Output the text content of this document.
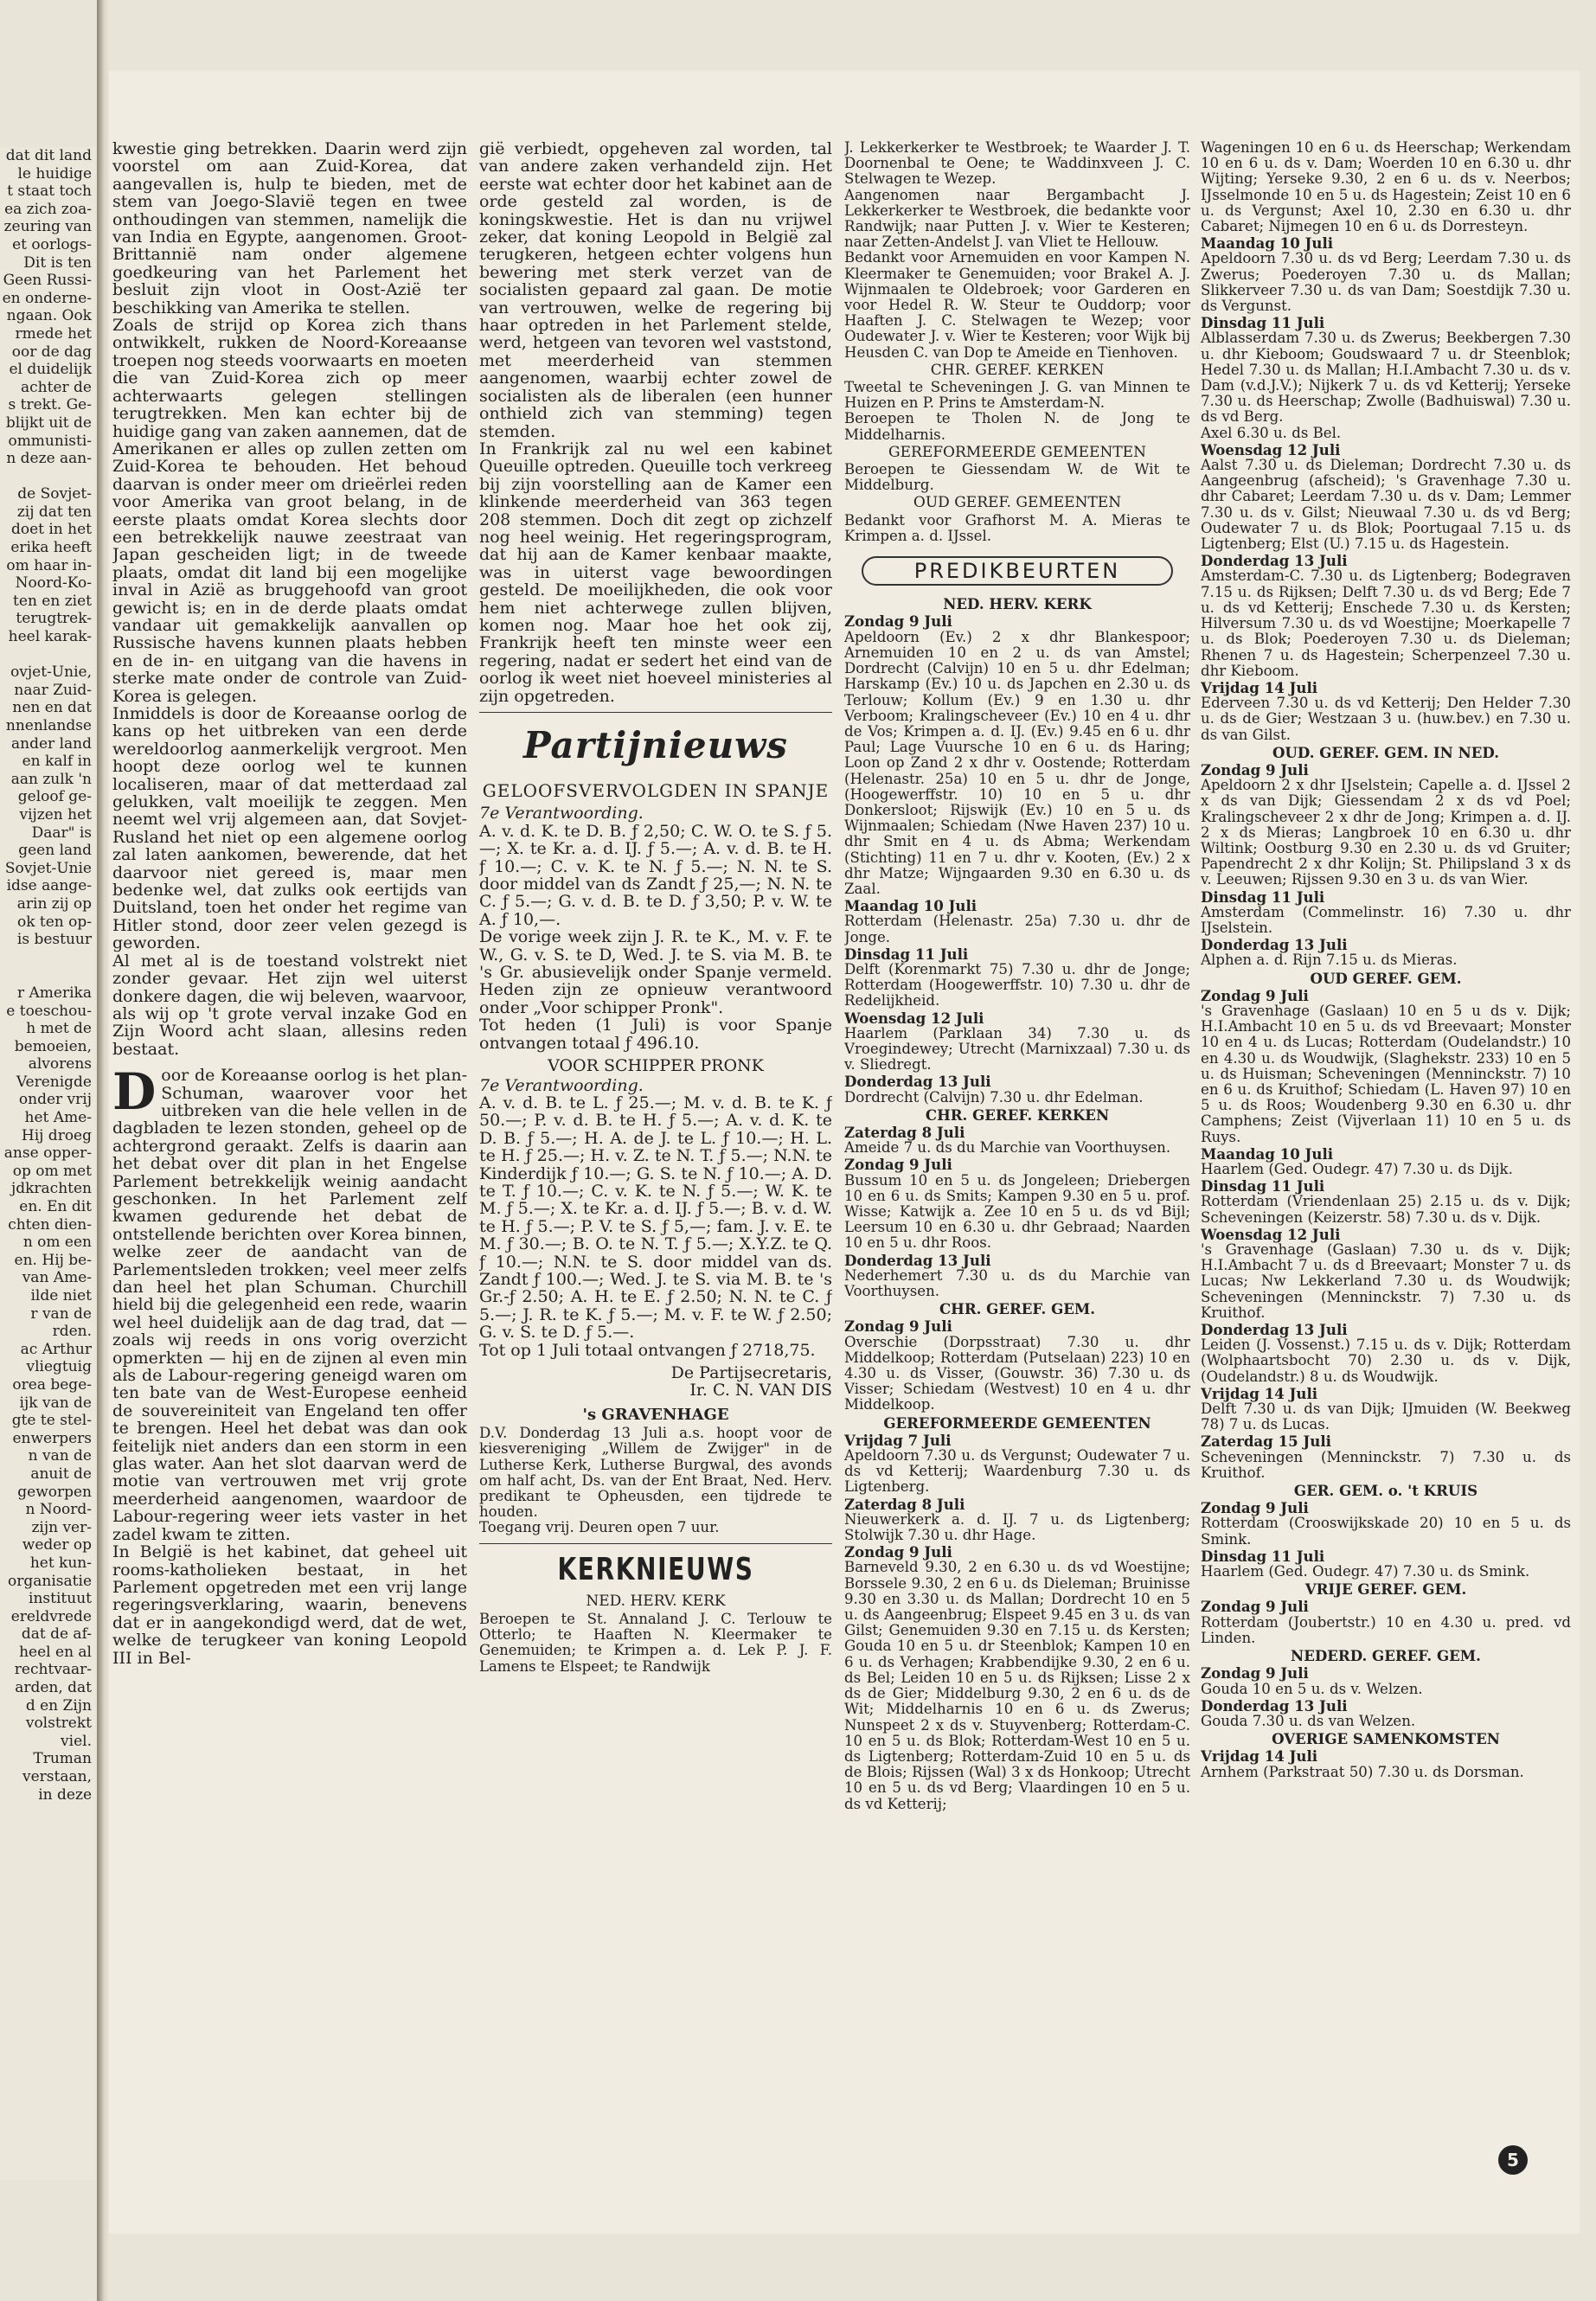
dat dit land

le huidige

t staat toch

ea zich zoa-

zeuring van

et oorlogs-

Dit is ten

Geen Russi-

en onderne-

ngaan. Ook

rmede het

oor de dag

el duidelijk

achter de

s trekt. Ge-

blijkt uit de

ommunisti-

n deze aan-

de Sovjet-

zij dat ten

doet in het

erika heeft

om haar in-

Noord-Ko-

ten en ziet

terugtrek-

heel karak-

ovjet-Unie,

naar Zuid-

nen en dat

nnenlandse

ander land

en kalf in

aan zulk 'n

geloof ge-

vijzen het

Daar" is

geen land

Sovjet-Unie

idse aange-

arin zij op

ok ten op-

is bestuur

r Amerika

e toeschou-

h met de

bemoeien,

alvorens

Verenigde

onder vrij

het Ame-

Hij droeg

anse opper-

op om met

jdkrachten

en. En dit

chten dien-

n om een

en. Hij be-

van Ame-

ilde niet

r van de

rden.

ac Arthur

vliegtuig

orea bege-

ijk van de

gte te stel-

enwerpers

n van de

anuit de

geworpen

n Noord-

zijn ver-

weder op

het kun-

organisatie

instituut

ereldvrede

dat de af-

heel en al

rechtvaar-

arden, dat

d en Zijn

volstrekt

viel.

Truman

verstaan,

in deze

kwestie ging betrekken. Daarin werd zijn voorstel om aan Zuid-Korea, dat aangevallen is, hulp te bieden, met de stem van Joego-Slavië tegen en twee onthoudingen van stemmen, namelijk die van India en Egypte, aangenomen. Groot-Brittannië nam onder algemene goedkeuring van het Parlement het besluit zijn vloot in Oost-Azië ter beschikking van Amerika te stellen.

Zoals de strijd op Korea zich thans ontwikkelt, rukken de Noord-Koreaanse troepen nog steeds voorwaarts en moeten die van Zuid-Korea zich op meer achterwaarts gelegen stellingen terugtrekken. Men kan echter bij de huidige gang van zaken aannemen, dat de Amerikanen er alles op zullen zetten om Zuid-Korea te behouden. Het behoud daarvan is onder meer om drieërlei reden voor Amerika van groot belang, in de eerste plaats omdat Korea slechts door een betrekkelijk nauwe zeestraat van Japan gescheiden ligt; in de tweede plaats, omdat dit land bij een mogelijke inval in Azië as bruggehoofd van groot gewicht is; en in de derde plaats omdat vandaar uit gemakkelijk aanvallen op Russische havens kunnen plaats hebben en de in- en uitgang van die havens in sterke mate onder de controle van Zuid-Korea is gelegen.

Inmiddels is door de Koreaanse oorlog de kans op het uitbreken van een derde wereldoorlog aanmerkelijk vergroot. Men hoopt deze oorlog wel te kunnen localiseren, maar of dat metterdaad zal gelukken, valt moeilijk te zeggen. Men neemt wel vrij algemeen aan, dat Sovjet-Rusland het niet op een algemene oorlog zal laten aankomen, bewerende, dat het daarvoor niet gereed is, maar men bedenke wel, dat zulks ook eertijds van Duitsland, toen het onder het regime van Hitler stond, door zeer velen gezegd is geworden.

Al met al is de toestand volstrekt niet zonder gevaar. Het zijn wel uiterst donkere dagen, die wij beleven, waarvoor, als wij op 't grote verval inzake God en Zijn Woord acht slaan, allesins reden bestaat.

Door de Koreaanse oorlog is het plan-Schuman, waarover voor het uitbreken van die hele vellen in de dagbladen te lezen stonden, geheel op de achtergrond geraakt. Zelfs is daarin aan het debat over dit plan in het Engelse Parlement betrekkelijk weinig aandacht geschonken. In het Parlement zelf kwamen gedurende het debat de ontstellende berichten over Korea binnen, welke zeer de aandacht van de Parlementsleden trokken; veel meer zelfs dan heel het plan Schuman. Churchill hield bij die gelegenheid een rede, waarin wel heel duidelijk aan de dag trad, dat — zoals wij reeds in ons vorig overzicht opmerkten — hij en de zijnen al even min als de Labour-regering geneigd waren om ten bate van de West-Europese eenheid de souvereiniteit van Engeland ten offer te brengen. Heel het debat was dan ook feitelijk niet anders dan een storm in een glas water. Aan het slot daarvan werd de motie van vertrouwen met vrij grote meerderheid aangenomen, waardoor de Labour-regering weer iets vaster in het zadel kwam te zitten.

In België is het kabinet, dat geheel uit rooms-katholieken bestaat, in het Parlement opgetreden met een vrij lange regeringsverklaring, waarin, benevens dat er in aangekondigd werd, dat de wet, welke de terugkeer van koning Leopold III in Bel-

gië verbiedt, opgeheven zal worden, tal van andere zaken verhandeld zijn. Het eerste wat echter door het kabinet aan de orde gesteld zal worden, is de koningskwestie. Het is dan nu vrijwel zeker, dat koning Leopold in België zal terugkeren, hetgeen echter volgens hun bewering met sterk verzet van de socialisten gepaard zal gaan. De motie van vertrouwen, welke de regering bij haar optreden in het Parlement stelde, werd, hetgeen van tevoren wel vaststond, met meerderheid van stemmen aangenomen, waarbij echter zowel de socialisten als de liberalen (een hunner onthield zich van stemming) tegen stemden.

In Frankrijk zal nu wel een kabinet Queuille optreden. Queuille toch verkreeg bij zijn voorstelling aan de Kamer een klinkende meerderheid van 363 tegen 208 stemmen. Doch dit zegt op zichzelf nog heel weinig. Het regeringsprogram, dat hij aan de Kamer kenbaar maakte, was in uiterst vage bewoordingen gesteld. De moeilijkheden, die ook voor hem niet achterwege zullen blijven, komen nog. Maar hoe het ook zij, Frankrijk heeft ten minste weer een regering, nadat er sedert het eind van de oorlog ik weet niet hoeveel ministeries al zijn opgetreden.

Partijnieuws
GELOOFSVERVOLGDEN IN SPANJE

7e Verantwoording.

A. v. d. K. te D. B. ƒ 2,50; C. W. O. te S. ƒ 5.—; X. te Kr. a. d. IJ. ƒ 5.—; A. v. d. B. te H. ƒ 10.—; C. v. K. te N. ƒ 5.—; N. N. te S. door middel van ds Zandt ƒ 25,—; N. N. te C. ƒ 5.—; G. v. d. B. te D. ƒ 3,50; P. v. W. te A. ƒ 10,—.

De vorige week zijn J. R. te K., M. v. F. te W., G. v. S. te D, Wed. J. te S. via M. B. te 's Gr. abusievelijk onder Spanje vermeld. Heden zijn ze opnieuw verantwoord onder „Voor schipper Pronk".

Tot heden (1 Juli) is voor Spanje ontvangen totaal ƒ 496.10.

VOOR SCHIPPER PRONK

7e Verantwoording.

A. v. d. B. te L. ƒ 25.—; M. v. d. B. te K. ƒ 50.—; P. v. d. B. te H. ƒ 5.—; A. v. d. K. te D. B. ƒ 5.—; H. A. de J. te L. ƒ 10.—; H. L. te H. ƒ 25.—; H. v. Z. te N. T. ƒ 5.—; N.N. te Kinderdijk ƒ 10.—; G. S. te N. ƒ 10.—; A. D. te T. ƒ 10.—; C. v. K. te N. ƒ 5.—; W. K. te M. ƒ 5.—; X. te Kr. a. d. IJ. ƒ 5.—; B. v. d. W. te H. ƒ 5.—; P. V. te S. ƒ 5,—; fam. J. v. E. te M. ƒ 30.—; B. O. te N. T. ƒ 5.—; X.Y.Z. te Q. ƒ 10.—; N.N. te S. door middel van ds. Zandt ƒ 100.—; Wed. J. te S. via M. B. te 's Gr.-ƒ 2.50; A. H. te E. ƒ 2.50; N. N. te C. ƒ 5.—; J. R. te K. ƒ 5.—; M. v. F. te W. ƒ 2.50; G. v. S. te D. ƒ 5.—.

Tot op 1 Juli totaal ontvangen ƒ 2718,75.

De Partijsecretaris,

Ir. C. N. VAN DIS

's GRAVENHAGE

D.V. Donderdag 13 Juli a.s. hoopt voor de kiesvereniging „Willem de Zwijger" in de Lutherse Kerk, Lutherse Burgwal, des avonds om half acht, Ds. van der Ent Braat, Ned. Herv. predikant te Opheusden, een tijdrede te houden.

Toegang vrij. Deuren open 7 uur.

KERKNIEUWS
NED. HERV. KERK

Beroepen te St. Annaland J. C. Terlouw te Otterlo; te Haaften N. Kleermaker te Genemuiden; te Krimpen a. d. Lek P. J. F. Lamens te Elspeet; te Randwijk

J. Lekkerkerker te Westbroek; te Waarder J. T. Doornenbal te Oene; te Waddinxveen J. C. Stelwagen te Wezep.

Aangenomen naar Bergambacht J. Lekkerkerker te Westbroek, die bedankte voor Randwijk; naar Putten J. v. Wier te Kesteren; naar Zetten-Andelst J. van Vliet te Hellouw.

Bedankt voor Arnemuiden en voor Kampen N. Kleermaker te Genemuiden; voor Brakel A. J. Wijnmaalen te Oldebroek; voor Garderen en voor Hedel R. W. Steur te Ouddorp; voor Haaften J. C. Stelwagen te Wezep; voor Oudewater J. v. Wier te Kesteren; voor Wijk bij Heusden C. van Dop te Ameide en Tienhoven.

CHR. GEREF. KERKEN

Tweetal te Scheveningen J. G. van Minnen te Huizen en P. Prins te Amsterdam-N.

Beroepen te Tholen N. de Jong te Middelharnis.

GEREFORMEERDE GEMEENTEN

Beroepen te Giessendam W. de Wit te Middelburg.

OUD GEREF. GEMEENTEN

Bedankt voor Grafhorst M. A. Mieras te Krimpen a. d. IJssel.

PREDIKBEURTEN
NED. HERV. KERK
Zondag 9 Juli

Apeldoorn (Ev.) 2 x dhr Blankespoor; Arnemuiden 10 en 2 u. ds van Amstel; Dordrecht (Calvijn) 10 en 5 u. dhr Edelman; Harskamp (Ev.) 10 u. ds Japchen en 2.30 u. ds Terlouw; Kollum (Ev.) 9 en 1.30 u. dhr Verboom; Kralingscheveer (Ev.) 10 en 4 u. dhr de Vos; Krimpen a. d. IJ. (Ev.) 9.45 en 6 u. dhr Paul; Lage Vuursche 10 en 6 u. ds Haring; Loon op Zand 2 x dhr v. Oostende; Rotterdam (Helenastr. 25a) 10 en 5 u. dhr de Jonge, (Hoogewerffstr. 10) 10 en 5 u. dhr Donkersloot; Rijswijk (Ev.) 10 en 5 u. ds Wijnmaalen; Schiedam (Nwe Haven 237) 10 u. dhr Smit en 4 u. ds Abma; Werkendam (Stichting) 11 en 7 u. dhr v. Kooten, (Ev.) 2 x dhr Matze; Wijngaarden 9.30 en 6.30 u. ds Zaal.

Maandag 10 Juli

Rotterdam (Helenastr. 25a) 7.30 u. dhr de Jonge.

Dinsdag 11 Juli

Delft (Korenmarkt 75) 7.30 u. dhr de Jonge; Rotterdam (Hoogewerffstr. 10) 7.30 u. dhr de Redelijkheid.

Woensdag 12 Juli

Haarlem (Parklaan 34) 7.30 u. ds Vroegindewey; Utrecht (Marnixzaal) 7.30 u. ds v. Sliedregt.

Donderdag 13 Juli

Dordrecht (Calvijn) 7.30 u. dhr Edelman.

CHR. GEREF. KERKEN
Zaterdag 8 Juli

Ameide 7 u. ds du Marchie van Voorthuysen.

Zondag 9 Juli

Bussum 10 en 5 u. ds Jongeleen; Driebergen 10 en 6 u. ds Smits; Kampen 9.30 en 5 u. prof. Wisse; Katwijk a. Zee 10 en 5 u. ds vd Bijl; Leersum 10 en 6.30 u. dhr Gebraad; Naarden 10 en 5 u. dhr Roos.

Donderdag 13 Juli

Nederhemert 7.30 u. ds du Marchie van Voorthuysen.

CHR. GEREF. GEM.
Zondag 9 Juli

Overschie (Dorpsstraat) 7.30 u. dhr Middelkoop; Rotterdam (Putselaan) 223) 10 en 4.30 u. ds Visser, (Gouwstr. 36) 7.30 u. ds Visser; Schiedam (Westvest) 10 en 4 u. dhr Middelkoop.

GEREFORMEERDE GEMEENTEN
Vrijdag 7 Juli

Apeldoorn 7.30 u. ds Vergunst; Oudewater 7 u. ds vd Ketterij; Waardenburg 7.30 u. ds Ligtenberg.

Zaterdag 8 Juli

Nieuwerkerk a. d. IJ. 7 u. ds Ligtenberg; Stolwijk 7.30 u. dhr Hage.

Zondag 9 Juli

Barneveld 9.30, 2 en 6.30 u. ds vd Woestijne; Borssele 9.30, 2 en 6 u. ds Dieleman; Bruinisse 9.30 en 3.30 u. ds Mallan; Dordrecht 10 en 5 u. ds Aangeenbrug; Elspeet 9.45 en 3 u. ds van Gilst; Genemuiden 9.30 en 7.15 u. ds Kersten; Gouda 10 en 5 u. dr Steenblok; Kampen 10 en 6 u. ds Verhagen; Krabbendijke 9.30, 2 en 6 u. ds Bel; Leiden 10 en 5 u. ds Rijksen; Lisse 2 x ds de Gier; Middelburg 9.30, 2 en 6 u. ds de Wit; Middelharnis 10 en 6 u. ds Zwerus; Nunspeet 2 x ds v. Stuyvenberg; Rotterdam-C. 10 en 5 u. ds Blok; Rotterdam-West 10 en 5 u. ds Ligtenberg; Rotterdam-Zuid 10 en 5 u. ds de Blois; Rijssen (Wal) 3 x ds Honkoop; Utrecht 10 en 5 u. ds vd Berg; Vlaardingen 10 en 5 u. ds vd Ketterij;

Wageningen 10 en 6 u. ds Heerschap; Werkendam 10 en 6 u. ds v. Dam; Woerden 10 en 6.30 u. dhr Wijting; Yerseke 9.30, 2 en 6 u. ds v. Neerbos; IJsselmonde 10 en 5 u. ds Hagestein; Zeist 10 en 6 u. ds Vergunst; Axel 10, 2.30 en 6.30 u. dhr Cabaret; Nijmegen 10 en 6 u. ds Dorresteyn.

Maandag 10 Juli

Apeldoorn 7.30 u. ds vd Berg; Leerdam 7.30 u. ds Zwerus; Poederoyen 7.30 u. ds Mallan; Slikkerveer 7.30 u. ds van Dam; Soestdijk 7.30 u. ds Vergunst.

Dinsdag 11 Juli

Alblasserdam 7.30 u. ds Zwerus; Beekbergen 7.30 u. dhr Kieboom; Goudswaard 7 u. dr Steenblok; Hedel 7.30 u. ds Mallan; H.I.Ambacht 7.30 u. ds v. Dam (v.d.J.V.); Nijkerk 7 u. ds vd Ketterij; Yerseke 7.30 u. ds Heerschap; Zwolle (Badhuiswal) 7.30 u. ds vd Berg.

Axel 6.30 u. ds Bel.

Woensdag 12 Juli

Aalst 7.30 u. ds Dieleman; Dordrecht 7.30 u. ds Aangeenbrug (afscheid); 's Gravenhage 7.30 u. dhr Cabaret; Leerdam 7.30 u. ds v. Dam; Lemmer 7.30 u. ds v. Gilst; Nieuwaal 7.30 u. ds vd Berg; Oudewater 7 u. ds Blok; Poortugaal 7.15 u. ds Ligtenberg; Elst (U.) 7.15 u. ds Hagestein.

Donderdag 13 Juli

Amsterdam-C. 7.30 u. ds Ligtenberg; Bodegraven 7.15 u. ds Rijksen; Delft 7.30 u. ds vd Berg; Ede 7 u. ds vd Ketterij; Enschede 7.30 u. ds Kersten; Hilversum 7.30 u. ds vd Woestijne; Moerkapelle 7 u. ds Blok; Poederoyen 7.30 u. ds Dieleman; Rhenen 7 u. ds Hagestein; Scherpenzeel 7.30 u. dhr Kieboom.

Vrijdag 14 Juli

Ederveen 7.30 u. ds vd Ketterij; Den Helder 7.30 u. ds de Gier; Westzaan 3 u. (huw.bev.) en 7.30 u. ds van Gilst.

OUD. GEREF. GEM. IN NED.
Zondag 9 Juli

Apeldoorn 2 x dhr IJselstein; Capelle a. d. IJssel 2 x ds van Dijk; Giessendam 2 x ds vd Poel; Kralingscheveer 2 x dhr de Jong; Krimpen a. d. IJ. 2 x ds Mieras; Langbroek 10 en 6.30 u. dhr Wiltink; Oostburg 9.30 en 2.30 u. ds vd Gruiter; Papendrecht 2 x dhr Kolijn; St. Philipsland 3 x ds v. Leeuwen; Rijssen 9.30 en 3 u. ds van Wier.

Dinsdag 11 Juli

Amsterdam (Commelinstr. 16) 7.30 u. dhr IJselstein.

Donderdag 13 Juli

Alphen a. d. Rijn 7.15 u. ds Mieras.

OUD GEREF. GEM.
Zondag 9 Juli

's Gravenhage (Gaslaan) 10 en 5 u ds v. Dijk; H.I.Ambacht 10 en 5 u. ds vd Breevaart; Monster 10 en 4 u. ds Lucas; Rotterdam (Oudelandstr.) 10 en 4.30 u. ds Woudwijk, (Slaghekstr. 233) 10 en 5 u. ds Huisman; Scheveningen (Menninckstr. 7) 10 en 6 u. ds Kruithof; Schiedam (L. Haven 97) 10 en 5 u. ds Roos; Woudenberg 9.30 en 6.30 u. dhr Camphens; Zeist (Vijverlaan 11) 10 en 5 u. ds Ruys.

Maandag 10 Juli

Haarlem (Ged. Oudegr. 47) 7.30 u. ds Dijk.

Dinsdag 11 Juli

Rotterdam (Vriendenlaan 25) 2.15 u. ds v. Dijk; Scheveningen (Keizerstr. 58) 7.30 u. ds v. Dijk.

Woensdag 12 Juli

's Gravenhage (Gaslaan) 7.30 u. ds v. Dijk; H.I.Ambacht 7 u. ds d Breevaart; Monster 7 u. ds Lucas; Nw Lekkerland 7.30 u. ds Woudwijk; Scheveningen (Menninckstr. 7) 7.30 u. ds Kruithof.

Donderdag 13 Juli

Leiden (J. Vossenst.) 7.15 u. ds v. Dijk; Rotterdam (Wolphaartsbocht 70) 2.30 u. ds v. Dijk, (Oudelandstr.) 8 u. ds Woudwijk.

Vrijdag 14 Juli

Delft 7.30 u. ds van Dijk; IJmuiden (W. Beekweg 78) 7 u. ds Lucas.

Zaterdag 15 Juli

Scheveningen (Menninckstr. 7) 7.30 u. ds Kruithof.

GER. GEM. o. 't KRUIS
Zondag 9 Juli

Rotterdam (Crooswijkskade 20) 10 en 5 u. ds Smink.

Dinsdag 11 Juli

Haarlem (Ged. Oudegr. 47) 7.30 u. ds Smink.

VRIJE GEREF. GEM.
Zondag 9 Juli

Rotterdam (Joubertstr.) 10 en 4.30 u. pred. vd Linden.

NEDERD. GEREF. GEM.
Zondag 9 Juli

Gouda 10 en 5 u. ds v. Welzen.

Donderdag 13 Juli

Gouda 7.30 u. ds van Welzen.

OVERIGE SAMENKOMSTEN
Vrijdag 14 Juli

Arnhem (Parkstraat 50) 7.30 u. ds Dorsman.

5
